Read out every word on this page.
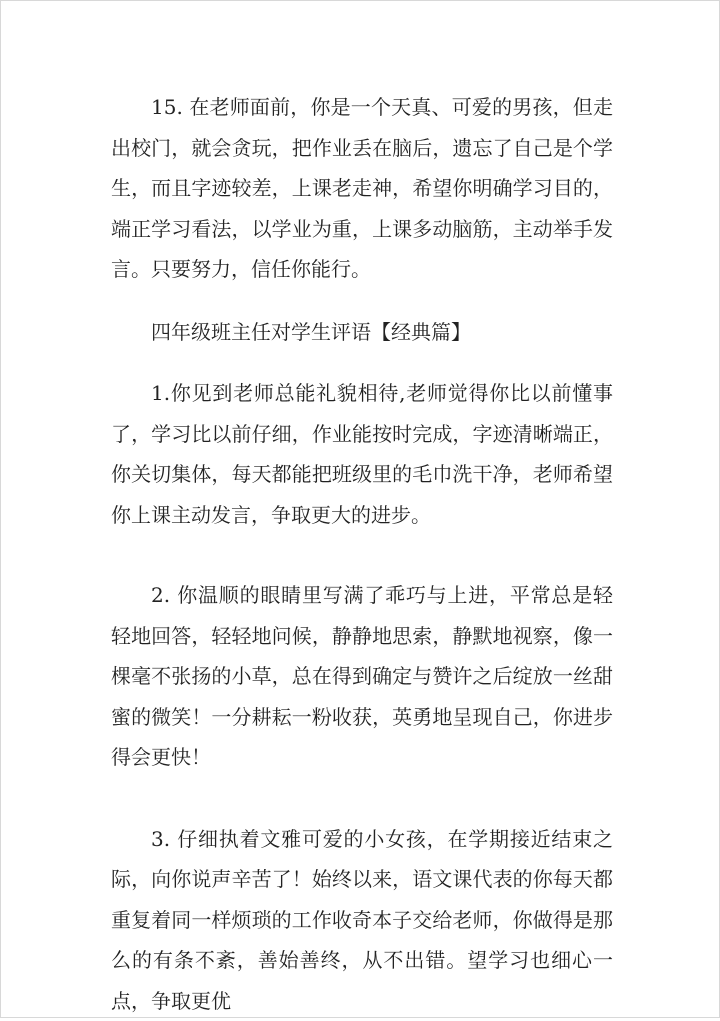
15. 在老师面前，你是一个天真、可爱的男孩，但走出校门，就会贪玩，把作业丢在脑后，遗忘了自己是个学生，而且字迹较差，上课老走神，希望你明确学习目的，端正学习看法，以学业为重，上课多动脑筋，主动举手发言。只要努力，信任你能行。

四年级班主任对学生评语【经典篇】

1.你见到老师总能礼貌相待,老师觉得你比以前懂事了，学习比以前仔细，作业能按时完成，字迹清晰端正，你关切集体，每天都能把班级里的毛巾洗干净，老师希望你上课主动发言，争取更大的进步。

2. 你温顺的眼睛里写满了乖巧与上进，平常总是轻轻地回答，轻轻地问候，静静地思索，静默地视察，像一棵毫不张扬的小草，总在得到确定与赞许之后绽放一丝甜蜜的微笑！一分耕耘一粉收获，英勇地呈现自己，你进步得会更快！

3. 仔细执着文雅可爱的小女孩，在学期接近结束之际，向你说声辛苦了！始终以来，语文课代表的你每天都重复着同一样烦琐的工作收奇本子交给老师，你做得是那么的有条不紊，善始善终，从不出错。望学习也细心一点，争取更优
